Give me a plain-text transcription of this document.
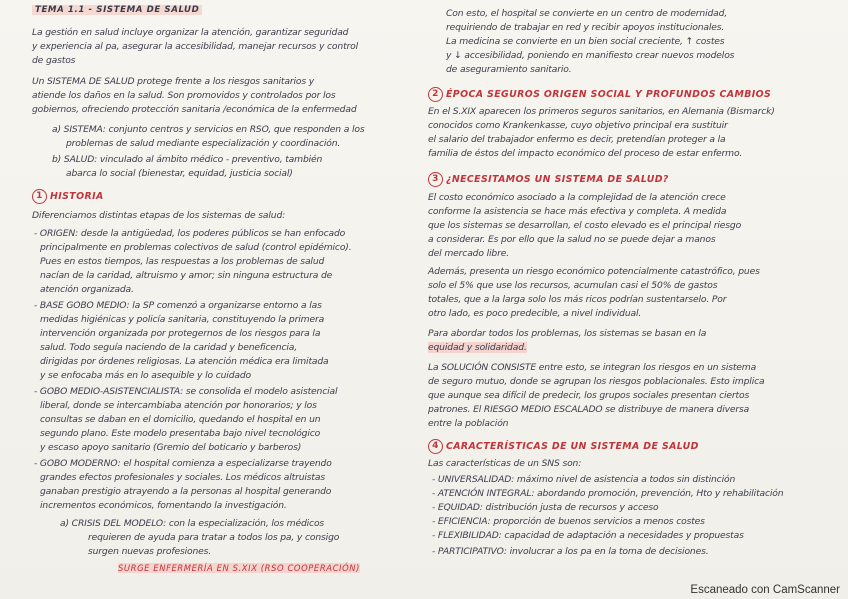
TEMA 1.1 - SISTEMA DE SALUD
La gestión en salud incluye organizar la atención, garantizar seguridad
y experiencia al pa, asegurar la accesibilidad, manejar recursos y control
de gastos
Un SISTEMA DE SALUD protege frente a los riesgos sanitarios y
atiende los daños en la salud. Son promovidos y controlados por los
gobiernos, ofreciendo protección sanitaria /económica de la enfermedad
a) SISTEMA: conjunto centros y servicios en RSO, que responden a los
problemas de salud mediante especialización y coordinación.
b) SALUD: vinculado al ámbito médico - preventivo, también
abarca lo social (bienestar, equidad, justicia social)
1 HISTORIA
Diferenciamos distintas etapas de los sistemas de salud:
- ORIGEN: desde la antigüedad, los poderes públicos se han enfocado
principalmente en problemas colectivos de salud (control epidémico).
Pues en estos tiempos, las respuestas a los problemas de salud
nacían de la caridad, altruismo y amor; sin ninguna estructura de
atención organizada.
- BASE GOBO MEDIO: la SP comenzó a organizarse entorno a las
medidas higiénicas y policía sanitaria, constituyendo la primera
intervención organizada por protegernos de los riesgos para la
salud. Todo seguía naciendo de la caridad y beneficencia,
dirigidas por órdenes religiosas. La atención médica era limitada
y se enfocaba más en lo asequible y lo cuidado
- GOBO MEDIO-ASISTENCIALISTA: se consolida el modelo asistencial
liberal, donde se intercambiaba atención por honorarios; y los
consultas se daban en el domicilio, quedando el hospital en un
segundo plano. Este modelo presentaba bajo nivel tecnológico
y escaso apoyo sanitario (Gremio del boticario y barberos)
- GOBO MODERNO: el hospital comienza a especializarse trayendo
grandes efectos profesionales y sociales. Los médicos altruistas
ganaban prestigio atrayendo a la personas al hospital generando
incrementos económicos, fomentando la investigación.
a) CRISIS DEL MODELO: con la especialización, los médicos
requieren de ayuda para tratar a todos los pa, y consigo
surgen nuevas profesiones.
SURGE ENFERMERÍA EN S.XIX (RSO COOPERACIÓN)
Con esto, el hospital se convierte en un centro de modernidad,
requiriendo de trabajar en red y recibir apoyos institucionales.
La medicina se convierte en un bien social creciente, ↑ costes
y ↓ accesibilidad, poniendo en manifiesto crear nuevos modelos
de aseguramiento sanitario.
2 ÉPOCA SEGUROS ORIGEN SOCIAL Y PROFUNDOS CAMBIOS
En el S.XIX aparecen los primeros seguros sanitarios, en Alemania (Bismarck)
conocidos como Krankenkasse, cuyo objetivo principal era sustituir
el salario del trabajador enfermo es decir, pretendían proteger a la
familia de éstos del impacto económico del proceso de estar enfermo.
3 ¿NECESITAMOS UN SISTEMA DE SALUD?
El costo económico asociado a la complejidad de la atención crece
conforme la asistencia se hace más efectiva y completa. A medida
que los sistemas se desarrollan, el costo elevado es el principal riesgo
a considerar. Es por ello que la salud no se puede dejar a manos
del mercado libre.
Además, presenta un riesgo económico potencialmente catastrófico, pues
solo el 5% que use los recursos, acumulan casi el 50% de gastos
totales, que a la larga solo los más ricos podrían sustentarselo. Por
otro lado, es poco predecible, a nivel individual.
Para abordar todos los problemas, los sistemas se basan en la
equidad y solidaridad.
La SOLUCIÓN CONSISTE entre esto, se integran los riesgos en un sistema
de seguro mutuo, donde se agrupan los riesgos poblacionales. Esto implica
que aunque sea difícil de predecir, los grupos sociales presentan ciertos
patrones. El RIESGO MEDIO ESCALADO se distribuye de manera diversa
entre la población
4 CARACTERÍSTICAS DE UN SISTEMA DE SALUD
Las características de un SNS son:
- UNIVERSALIDAD: máximo nivel de asistencia a todos sin distinción
- ATENCIÓN INTEGRAL: abordando promoción, prevención, Hto y rehabilitación
- EQUIDAD: distribución justa de recursos y acceso
- EFICIENCIA: proporción de buenos servicios a menos costes
- FLEXIBILIDAD: capacidad de adaptación a necesidades y propuestas
- PARTICIPATIVO: involucrar a los pa en la toma de decisiones.
Escaneado con CamScanner
